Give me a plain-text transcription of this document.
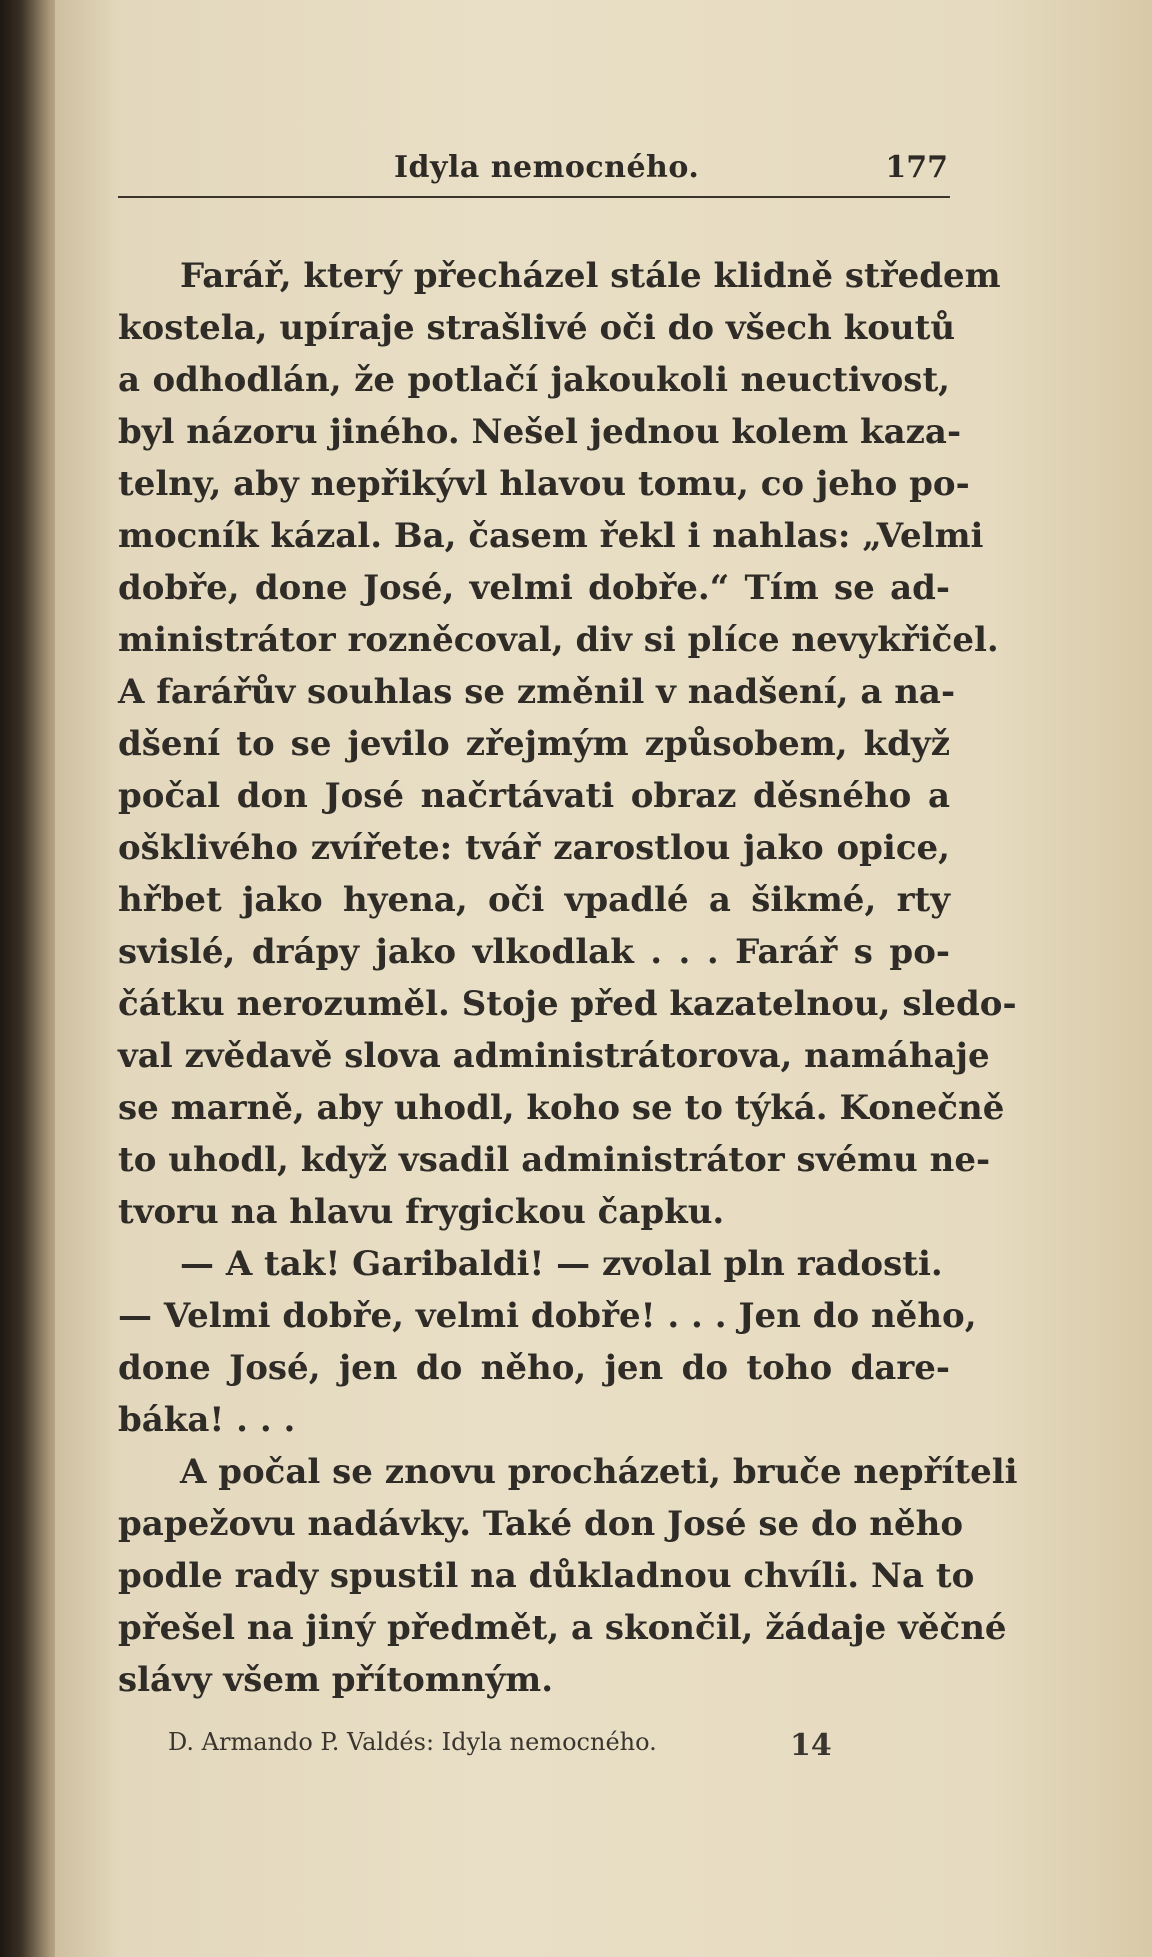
Idyla nemocného.	177
Farář, který přecházel stále klidně středem
kostela, upíraje strašlivé oči do všech koutů
a odhodlán, že potlačí jakoukoli neuctivost,
byl názoru jiného. Nešel jednou kolem kaza-
telny, aby nepřikývl hlavou tomu, co jeho po-
mocník kázal. Ba, časem řekl i nahlas: „Velmi
dobře, done José, velmi dobře.“ Tím se ad-
ministrátor rozněcoval, div si plíce nevykřičel.
A farářův souhlas se změnil v nadšení, a na-
dšení to se jevilo zřejmým způsobem, když
počal don José načrtávati obraz děsného a
ošklivého zvířete: tvář zarostlou jako opice,
hřbet jako hyena, oči vpadlé a šikmé, rty
svislé, drápy jako vlkodlak . . . Farář s po-
čátku nerozuměl. Stoje před kazatelnou, sledo-
val zvědavě slova administrátorova, namáhaje
se marně, aby uhodl, koho se to týká. Konečně
to uhodl, když vsadil administrátor svému ne-
tvoru na hlavu frygickou čapku.
— A tak! Garibaldi! — zvolal pln radosti.
— Velmi dobře, velmi dobře! . . . Jen do něho,
done José, jen do něho, jen do toho dare-
báka! . . .
A počal se znovu procházeti, bruče nepříteli
papežovu nadávky. Také don José se do něho
podle rady spustil na důkladnou chvíli. Na to
přešel na jiný předmět, a skončil, žádaje věčné
slávy všem přítomným.
D. Armando P. Valdés: Idyla nemocného.	14
